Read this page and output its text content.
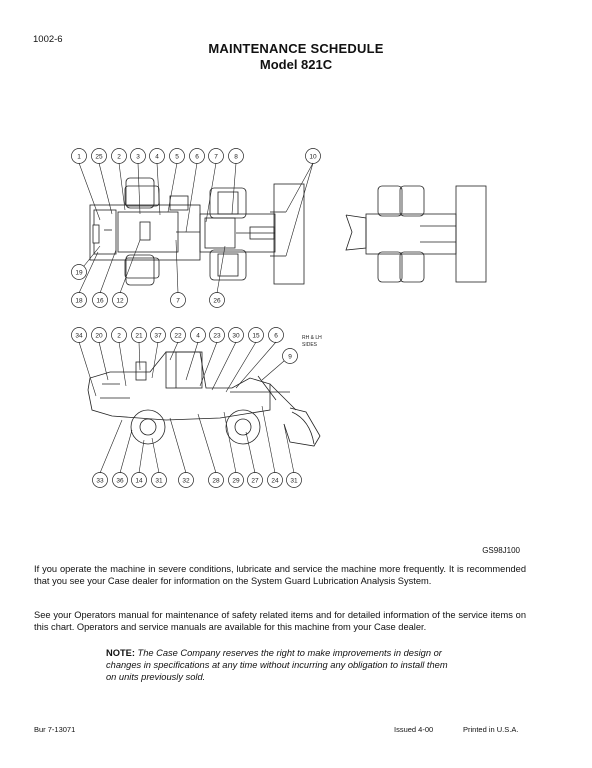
1002-6
MAINTENANCE SCHEDULE
Model 821C
1 25 2 3 4	5	6 7	8	10
19
18 16 12	7	26
34 20 2 21 37 22 4 23 30 15 6
9
33 36 14 31	32	28 29 27 24 31
RH & LH
SIDES
GS98J100
If you operate the machine in severe conditions, lubricate and service the machine more frequently. It is recommended that you see your Case dealer for information on the System Guard Lubrication Analysis System.
See your Operators manual for maintenance of safety related items and for detailed information of the service items on this chart. Operators and service manuals are available for this machine from your Case dealer.
NOTE: The Case Company reserves the right to make improvements in design or changes in specifications at any time without incurring any obligation to install them on units previously sold.
Bur 7-13071	Issued 4-00	Printed in U.S.A.
